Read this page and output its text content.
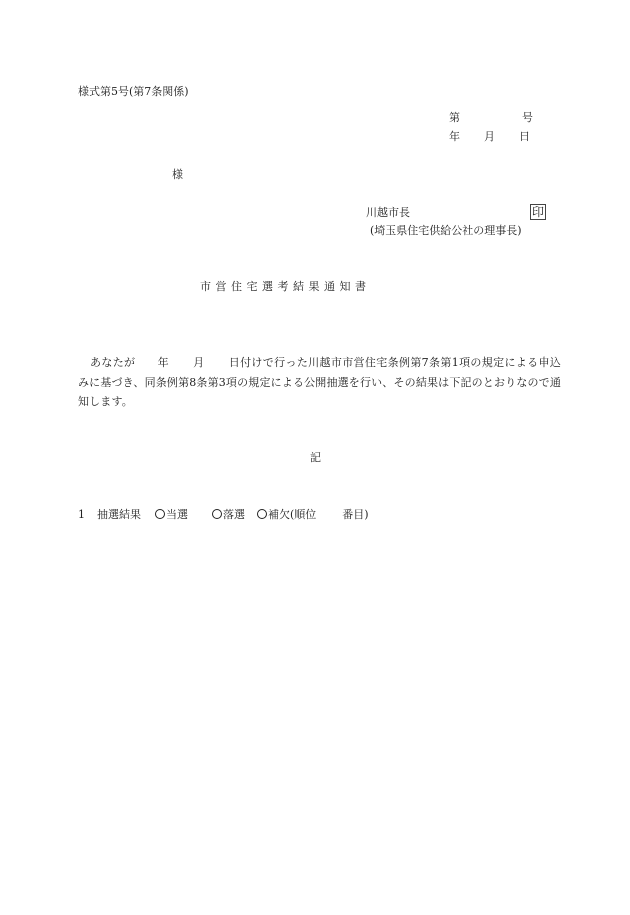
様式第5号(第7条関係)
第	号
年 月 日
様
川越市長	印
(埼玉県住宅供給公社の理事長)
市 営 住 宅 選 考 結 果 通 知 書
あなたが 年 月 日付けで行った川越市市営住宅条例第7条第1項の規定による申込みに基づき、同条例第8条第3項の規定による公開抽選を行い、その結果は下記のとおりなので通知します。
記
1 抽選結果 当選	落選 補欠(順位 番目)
